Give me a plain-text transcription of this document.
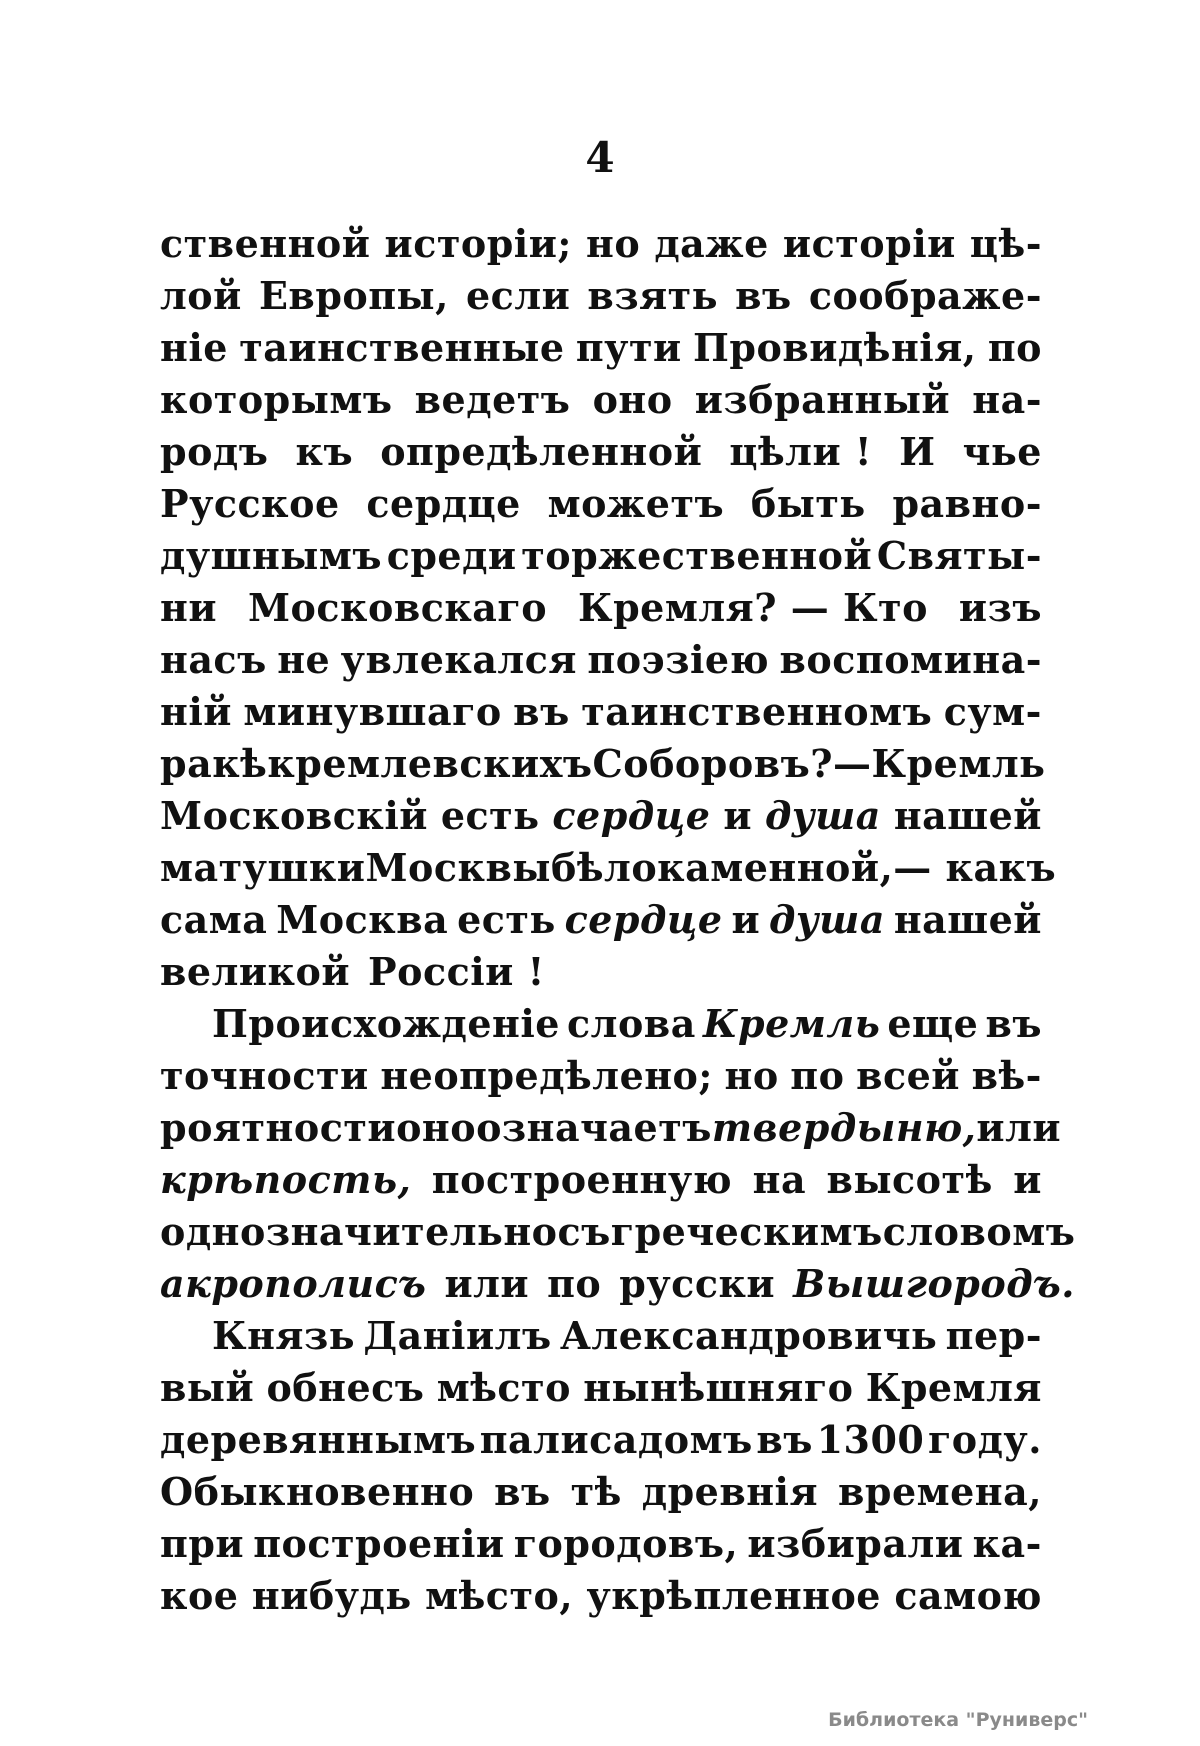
4
ственной исторіи; но даже исторіи цѣ-
лой Европы, если взять въ соображе-
ніе таинственные пути Провидѣнія, по
которымъ ведетъ оно избранный на-
родъ къ опредѣленной цѣли ! И чье
Русское сердце можетъ быть равно-
душнымъ среди торжественной Святы-
ни Московскаго Кремля? — Кто изъ
насъ не увлекался поэзіею воспомина-
ній минувшаго въ таинственномъ сум-
ракѣ кремлевскихъ Соборовъ?—Кремль
Московскій есть сердце и душа нашей
матушки Москвы бѣлокаменной,— какъ
сама Москва есть сердце и душа нашей
великой Россіи !
Происхожденіе слова Кремль еще въ
точности неопредѣлено; но по всей вѣ-
роятности оно означаетъ твердыню, или
крѣпость, построенную на высотѣ и
однозначительно съ греческимъ словомъ
акрополисъ или по русски Вышгородъ.
Князь Даніилъ Александровичь пер-
вый обнесъ мѣсто нынѣшняго Кремля
деревяннымъ палисадомъ въ 1300 году.
Обыкновенно въ тѣ древнія времена,
при построеніи городовъ, избирали ка-
кое нибудь мѣсто, укрѣпленное самою
Библиотека "Руниверс"
